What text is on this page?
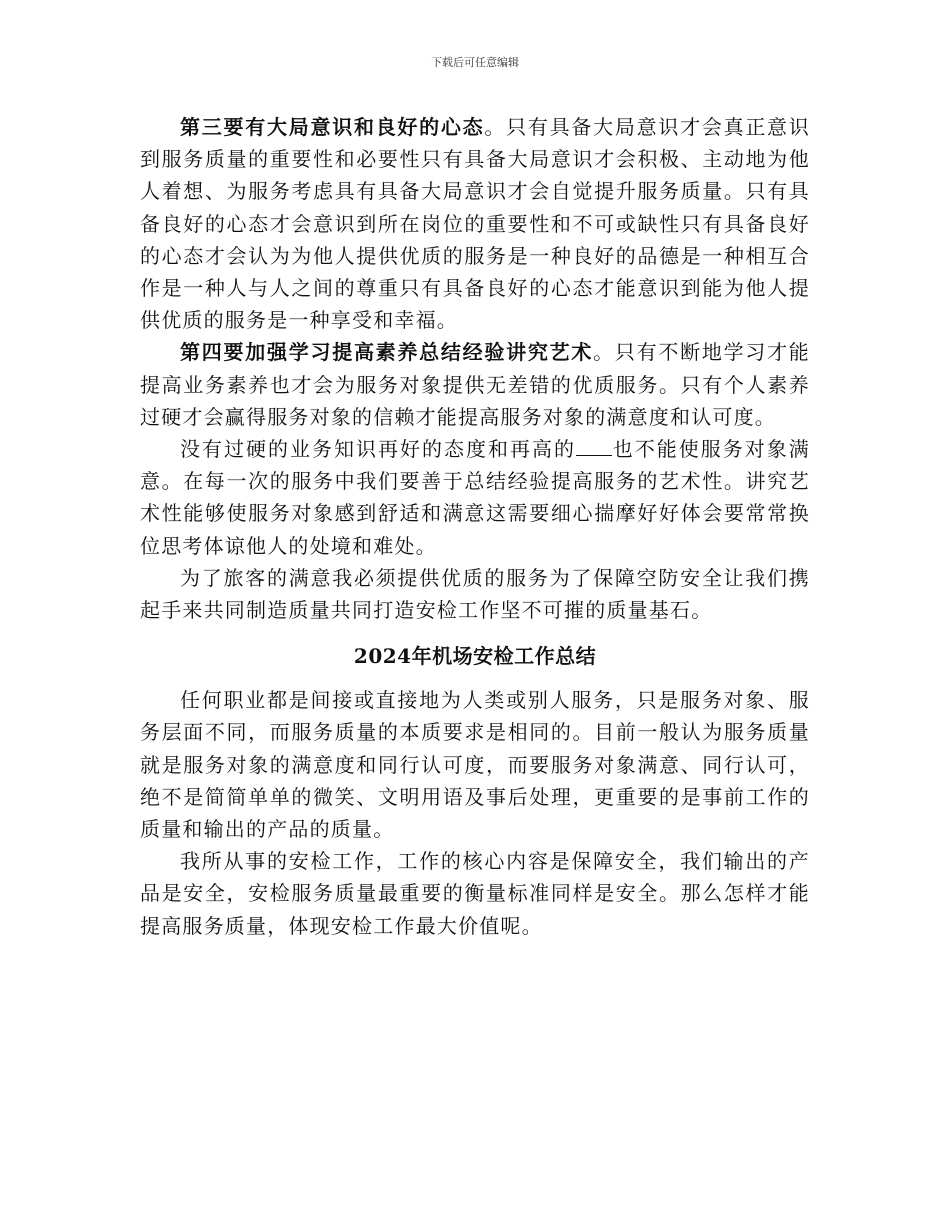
下载后可任意编辑

第三要有大局意识和良好的心态。只有具备大局意识才会真正意识到服务质量的重要性和必要性只有具备大局意识才会积极、主动地为他人着想、为服务考虑具有具备大局意识才会自觉提升服务质量。只有具备良好的心态才会意识到所在岗位的重要性和不可或缺性只有具备良好的心态才会认为为他人提供优质的服务是一种良好的品德是一种相互合作是一种人与人之间的尊重只有具备良好的心态才能意识到能为他人提供优质的服务是一种享受和幸福。

第四要加强学习提高素养总结经验讲究艺术。只有不断地学习才能提高业务素养也才会为服务对象提供无差错的优质服务。只有个人素养过硬才会赢得服务对象的信赖才能提高服务对象的满意度和认可度。

没有过硬的业务知识再好的态度和再高的 也不能使服务对象满意。在每一次的服务中我们要善于总结经验提高服务的艺术性。讲究艺术性能够使服务对象感到舒适和满意这需要细心揣摩好好体会要常常换位思考体谅他人的处境和难处。

为了旅客的满意我必须提供优质的服务为了保障空防安全让我们携起手来共同制造质量共同打造安检工作坚不可摧的质量基石。

2024年机场安检工作总结

任何职业都是间接或直接地为人类或别人服务，只是服务对象、服务层面不同，而服务质量的本质要求是相同的。目前一般认为服务质量就是服务对象的满意度和同行认可度，而要服务对象满意、同行认可，绝不是简简单单的微笑、文明用语及事后处理，更重要的是事前工作的质量和输出的产品的质量。

我所从事的安检工作，工作的核心内容是保障安全，我们输出的产品是安全，安检服务质量最重要的衡量标准同样是安全。那么怎样才能提高服务质量，体现安检工作最大价值呢。
